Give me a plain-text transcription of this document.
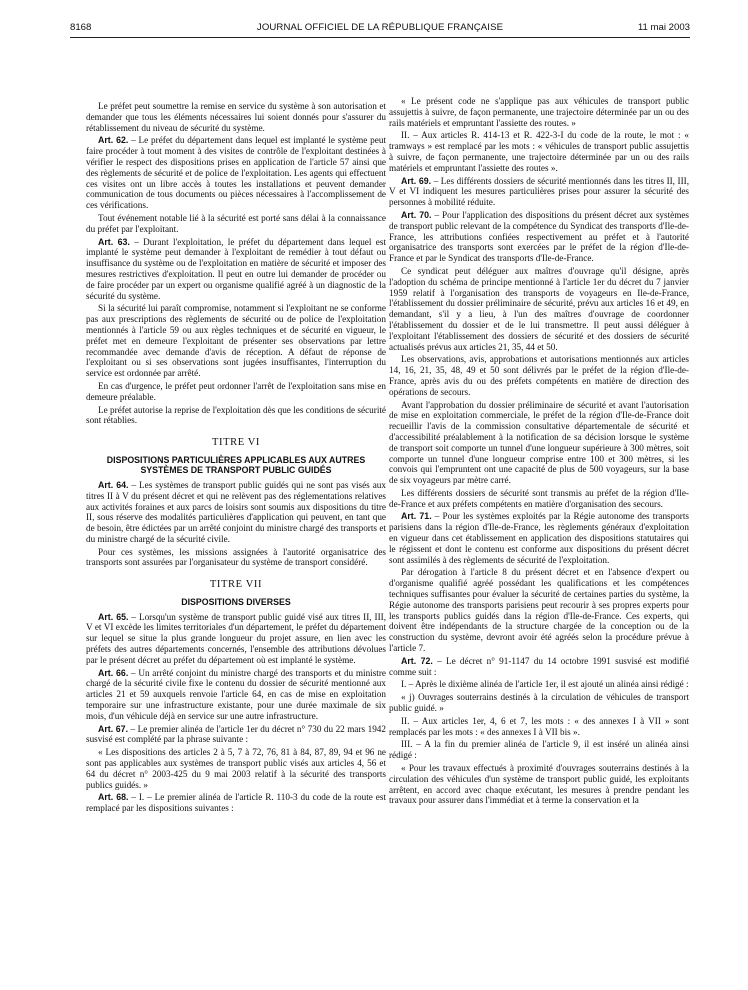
8168	JOURNAL OFFICIEL DE LA RÉPUBLIQUE FRANÇAISE	11 mai 2003

Le préfet peut soumettre la remise en service du système à son autorisation et demander que tous les éléments nécessaires lui soient donnés pour s'assurer du rétablissement du niveau de sécurité du système.

Art. 62. – Le préfet du département dans lequel est implanté le système peut faire procéder à tout moment à des visites de contrôle de l'exploitant destinées à vérifier le respect des dispositions prises en application de l'article 57 ainsi que des règlements de sécurité et de police de l'exploitation. Les agents qui effectuent ces visites ont un libre accès à toutes les installations et peuvent demander communication de tous documents ou pièces nécessaires à l'accomplissement de ces vérifications.

Tout événement notable lié à la sécurité est porté sans délai à la connaissance du préfet par l'exploitant.

Art. 63. – Durant l'exploitation, le préfet du département dans lequel est implanté le système peut demander à l'exploitant de remédier à tout défaut ou insuffisance du système ou de l'exploitation en matière de sécurité et imposer des mesures restrictives d'exploitation. Il peut en outre lui demander de procéder ou de faire procéder par un expert ou organisme qualifié agréé à un diagnostic de la sécurité du système.

Si la sécurité lui paraît compromise, notamment si l'exploitant ne se conforme pas aux prescriptions des règlements de sécurité ou de police de l'exploitation mentionnés à l'article 59 ou aux règles techniques et de sécurité en vigueur, le préfet met en demeure l'exploitant de présenter ses observations par lettre recommandée avec demande d'avis de réception. A défaut de réponse de l'exploitant ou si ses observations sont jugées insuffisantes, l'interruption du service est ordonnée par arrêté.

En cas d'urgence, le préfet peut ordonner l'arrêt de l'exploitation sans mise en demeure préalable.

Le préfet autorise la reprise de l'exploitation dès que les conditions de sécurité sont rétablies.

TITRE VI
DISPOSITIONS PARTICULIÈRES APPLICABLES AUX AUTRES SYSTÈMES DE TRANSPORT PUBLIC GUIDÉS

Art. 64. – Les systèmes de transport public guidés qui ne sont pas visés aux titres II à V du présent décret et qui ne relèvent pas des réglementations relatives aux activités foraines et aux parcs de loisirs sont soumis aux dispositions du titre II, sous réserve des modalités particulières d'application qui peuvent, en tant que de besoin, être édictées par un arrêté conjoint du ministre chargé des transports et du ministre chargé de la sécurité civile.

Pour ces systèmes, les missions assignées à l'autorité organisatrice des transports sont assurées par l'organisateur du système de transport considéré.

TITRE VII
DISPOSITIONS DIVERSES

Art. 65. – Lorsqu'un système de transport public guidé visé aux titres II, III, V et VI excède les limites territoriales d'un département, le préfet du département sur lequel se situe la plus grande longueur du projet assure, en lien avec les préfets des autres départements concernés, l'ensemble des attributions dévolues par le présent décret au préfet du département où est implanté le système.

Art. 66. – Un arrêté conjoint du ministre chargé des transports et du ministre chargé de la sécurité civile fixe le contenu du dossier de sécurité mentionné aux articles 21 et 59 auxquels renvoie l'article 64, en cas de mise en exploitation temporaire sur une infrastructure existante, pour une durée maximale de six mois, d'un véhicule déjà en service sur une autre infrastructure.

Art. 67. – Le premier alinéa de l'article 1er du décret n° 730 du 22 mars 1942 susvisé est complété par la phrase suivante :

« Les dispositions des articles 2 à 5, 7 à 72, 76, 81 à 84, 87, 89, 94 et 96 ne sont pas applicables aux systèmes de transport public visés aux articles 4, 56 et 64 du décret n° 2003-425 du 9 mai 2003 relatif à la sécurité des transports publics guidés. »

Art. 68. – I. – Le premier alinéa de l'article R. 110-3 du code de la route est remplacé par les dispositions suivantes :

« Le présent code ne s'applique pas aux véhicules de transport public assujettis à suivre, de façon permanente, une trajectoire déterminée par un ou des rails matériels et empruntant l'assiette des routes. »

II. – Aux articles R. 414-13 et R. 422-3-I du code de la route, le mot : « tramways » est remplacé par les mots : « véhicules de transport public assujettis à suivre, de façon permanente, une trajectoire déterminée par un ou des rails matériels et empruntant l'assiette des routes ».

Art. 69. – Les différents dossiers de sécurité mentionnés dans les titres II, III, V et VI indiquent les mesures particulières prises pour assurer la sécurité des personnes à mobilité réduite.

Art. 70. – Pour l'application des dispositions du présent décret aux systèmes de transport public relevant de la compétence du Syndicat des transports d'Ile-de-France, les attributions confiées respectivement au préfet et à l'autorité organisatrice des transports sont exercées par le préfet de la région d'Ile-de-France et par le Syndicat des transports d'Ile-de-France.

Ce syndicat peut déléguer aux maîtres d'ouvrage qu'il désigne, après l'adoption du schéma de principe mentionné à l'article 1er du décret du 7 janvier 1959 relatif à l'organisation des transports de voyageurs en Ile-de-France, l'établissement du dossier préliminaire de sécurité, prévu aux articles 16 et 49, en demandant, s'il y a lieu, à l'un des maîtres d'ouvrage de coordonner l'établissement du dossier et de le lui transmettre. Il peut aussi déléguer à l'exploitant l'établissement des dossiers de sécurité et des dossiers de sécurité actualisés prévus aux articles 21, 35, 44 et 50.

Les observations, avis, approbations et autorisations mentionnés aux articles 14, 16, 21, 35, 48, 49 et 50 sont délivrés par le préfet de la région d'Ile-de-France, après avis du ou des préfets compétents en matière de direction des opérations de secours.

Avant l'approbation du dossier préliminaire de sécurité et avant l'autorisation de mise en exploitation commerciale, le préfet de la région d'Ile-de-France doit recueillir l'avis de la commission consultative départementale de sécurité et d'accessibilité préalablement à la notification de sa décision lorsque le système de transport soit comporte un tunnel d'une longueur supérieure à 300 mètres, soit comporte un tunnel d'une longueur comprise entre 100 et 300 mètres, si les convois qui l'empruntent ont une capacité de plus de 500 voyageurs, sur la base de six voyageurs par mètre carré.

Les différents dossiers de sécurité sont transmis au préfet de la région d'Ile-de-France et aux préfets compétents en matière d'organisation des secours.

Art. 71. – Pour les systèmes exploités par la Régie autonome des transports parisiens dans la région d'Ile-de-France, les règlements généraux d'exploitation en vigueur dans cet établissement en application des dispositions statutaires qui le régissent et dont le contenu est conforme aux dispositions du présent décret sont assimilés à des règlements de sécurité de l'exploitation.

Par dérogation à l'article 8 du présent décret et en l'absence d'expert ou d'organisme qualifié agréé possédant les qualifications et les compétences techniques suffisantes pour évaluer la sécurité de certaines parties du système, la Régie autonome des transports parisiens peut recourir à ses propres experts pour les transports publics guidés dans la région d'Ile-de-France. Ces experts, qui doivent être indépendants de la structure chargée de la conception ou de la construction du système, devront avoir été agréés selon la procédure prévue à l'article 7.

Art. 72. – Le décret n° 91-1147 du 14 octobre 1991 susvisé est modifié comme suit :

I. – Après le dixième alinéa de l'article 1er, il est ajouté un alinéa ainsi rédigé :

« j) Ouvrages souterrains destinés à la circulation de véhicules de transport public guidé. »

II. – Aux articles 1er, 4, 6 et 7, les mots : « des annexes I à VII » sont remplacés par les mots : « des annexes I à VII bis ».

III. – A la fin du premier alinéa de l'article 9, il est inséré un alinéa ainsi rédigé :

« Pour les travaux effectués à proximité d'ouvrages souterrains destinés à la circulation des véhicules d'un système de transport public guidé, les exploitants arrêtent, en accord avec chaque exécutant, les mesures à prendre pendant les travaux pour assurer dans l'immédiat et à terme la conservation et la
